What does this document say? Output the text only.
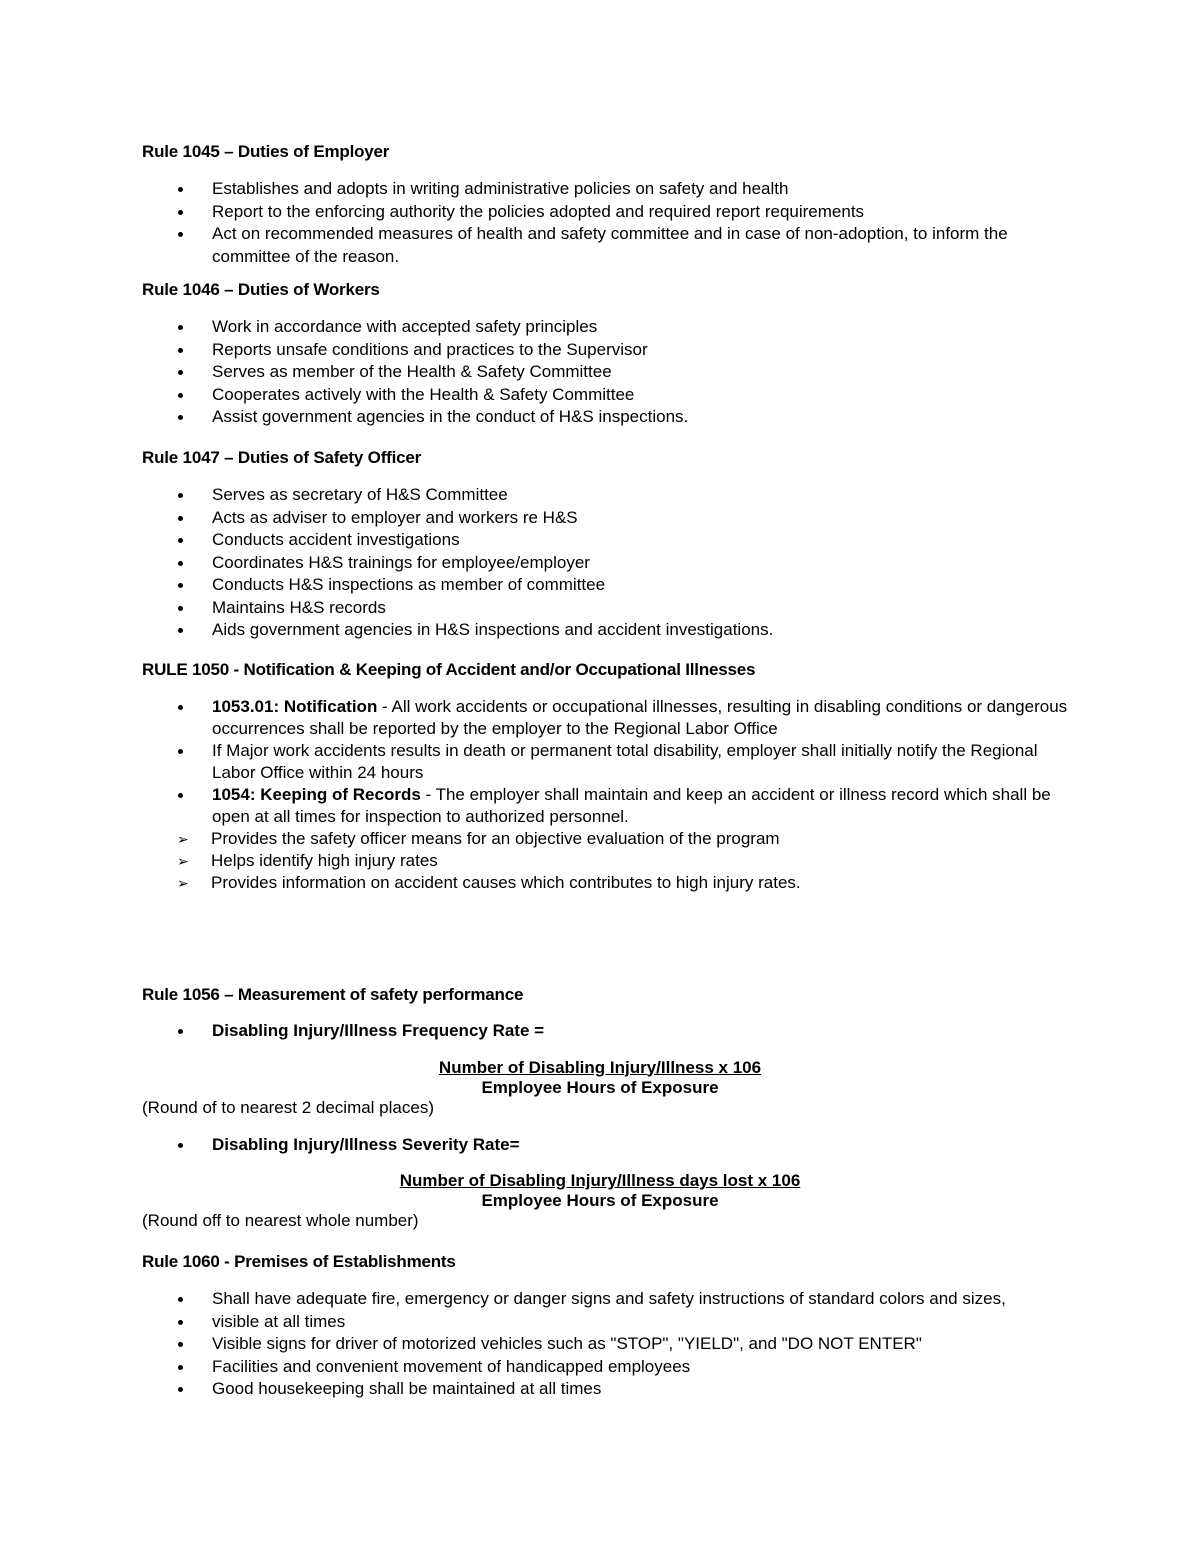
Rule 1045 – Duties of Employer
Establishes and adopts in writing administrative policies on safety and health
Report to the enforcing authority the policies adopted and required report requirements
Act on recommended measures of health and safety committee and in case of non-adoption, to inform the committee of the reason.
Rule 1046 – Duties of Workers
Work in accordance with accepted safety principles
Reports unsafe conditions and practices to the Supervisor
Serves as member of the Health & Safety Committee
Cooperates actively with the Health & Safety Committee
Assist government agencies in the conduct of H&S inspections.
Rule 1047 – Duties of Safety Officer
Serves as secretary of H&S Committee
Acts as adviser to employer and workers re H&S
Conducts accident investigations
Coordinates H&S trainings for employee/employer
Conducts H&S inspections as member of committee
Maintains H&S records
Aids government agencies in H&S inspections and accident investigations.
RULE 1050 - Notification & Keeping of Accident and/or Occupational Illnesses
1053.01: Notification - All work accidents or occupational illnesses, resulting in disabling conditions or dangerous occurrences shall be reported by the employer to the Regional Labor Office
If Major work accidents results in death or permanent total disability, employer shall initially notify the Regional Labor Office within 24 hours
1054: Keeping of Records - The employer shall maintain and keep an accident or illness record which shall be open at all times for inspection to authorized personnel.
➢ Provides the safety officer means for an objective evaluation of the program
➢ Helps identify high injury rates
➢ Provides information on accident causes which contributes to high injury rates.
Rule 1056 – Measurement of safety performance
Disabling Injury/Illness Frequency Rate =
Number of Disabling Injury/Illness x 106
Employee Hours of Exposure
(Round of to nearest 2 decimal places)
Disabling Injury/Illness Severity Rate=
Number of Disabling Injury/Illness days lost x 106
Employee Hours of Exposure
(Round off to nearest whole number)
Rule 1060 - Premises of Establishments
Shall have adequate fire, emergency or danger signs and safety instructions of standard colors and sizes,
visible at all times
Visible signs for driver of motorized vehicles such as "STOP", "YIELD", and "DO NOT ENTER"
Facilities and convenient movement of handicapped employees
Good housekeeping shall be maintained at all times
